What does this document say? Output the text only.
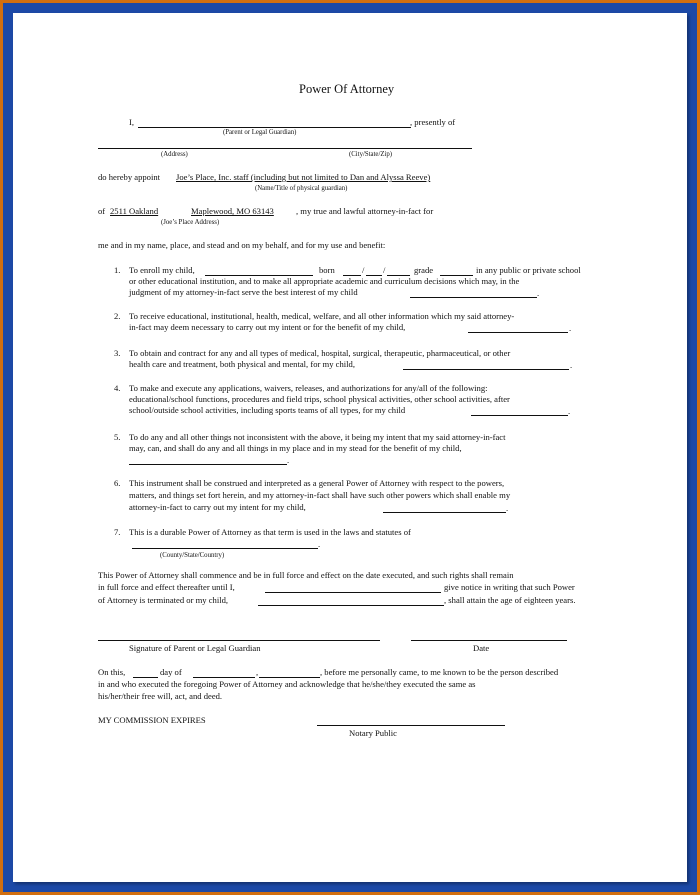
Power Of Attorney
I,	, presently of
(Parent or Legal Guardian)
(Address)	(City/State/Zip)
do hereby appoint Joe’s Place, Inc. staff (including but not limited to Dan and Alyssa Reeve)
(Name/Title of physical guardian)
of 2511 Oakland	Maplewood, MO 63143	, my true and lawful attorney-in-fact for
(Joe’s Place Address)
me and in my name, place, and stead and on my behalf, and for my use and benefit:
1. To enroll my child,	born	/ /	grade	in any public or private school
or other educational institution, and to make all appropriate academic and curriculum decisions which may, in the
judgment of my attorney-in-fact serve the best interest of my child	.
2. To receive educational, institutional, health, medical, welfare, and all other information which my said attorney-
in-fact may deem necessary to carry out my intent or for the benefit of my child,	.
3. To obtain and contract for any and all types of medical, hospital, surgical, therapeutic, pharmaceutical, or other
health care and treatment, both physical and mental, for my child,	.
4. To make and execute any applications, waivers, releases, and authorizations for any/all of the following:
educational/school functions, procedures and field trips, school physical activities, other school activities, after
school/outside school activities, including sports teams of all types, for my child	.
5. To do any and all other things not inconsistent with the above, it being my intent that my said attorney-in-fact
may, can, and shall do any and all things in my place and in my stead for the benefit of my child,
.
6. This instrument shall be construed and interpreted as a general Power of Attorney with respect to the powers,
matters, and things set fort herein, and my attorney-in-fact shall have such other powers which shall enable my
attorney-in-fact to carry out my intent for my child,	.
7. This is a durable Power of Attorney as that term is used in the laws and statutes of
.
(County/State/Country)
This Power of Attorney shall commence and be in full force and effect on the date executed, and such rights shall remain
in full force and effect thereafter until I,	give notice in writing that such Power
of Attorney is terminated or my child,	, shall attain the age of eighteen years.
Signature of Parent or Legal Guardian	Date
On this,	day of	,	, before me personally came, to me known to be the person described
in and who executed the foregoing Power of Attorney and acknowledge that he/she/they executed the same as
his/her/their free will, act, and deed.
MY COMMISSION EXPIRES
Notary Public
